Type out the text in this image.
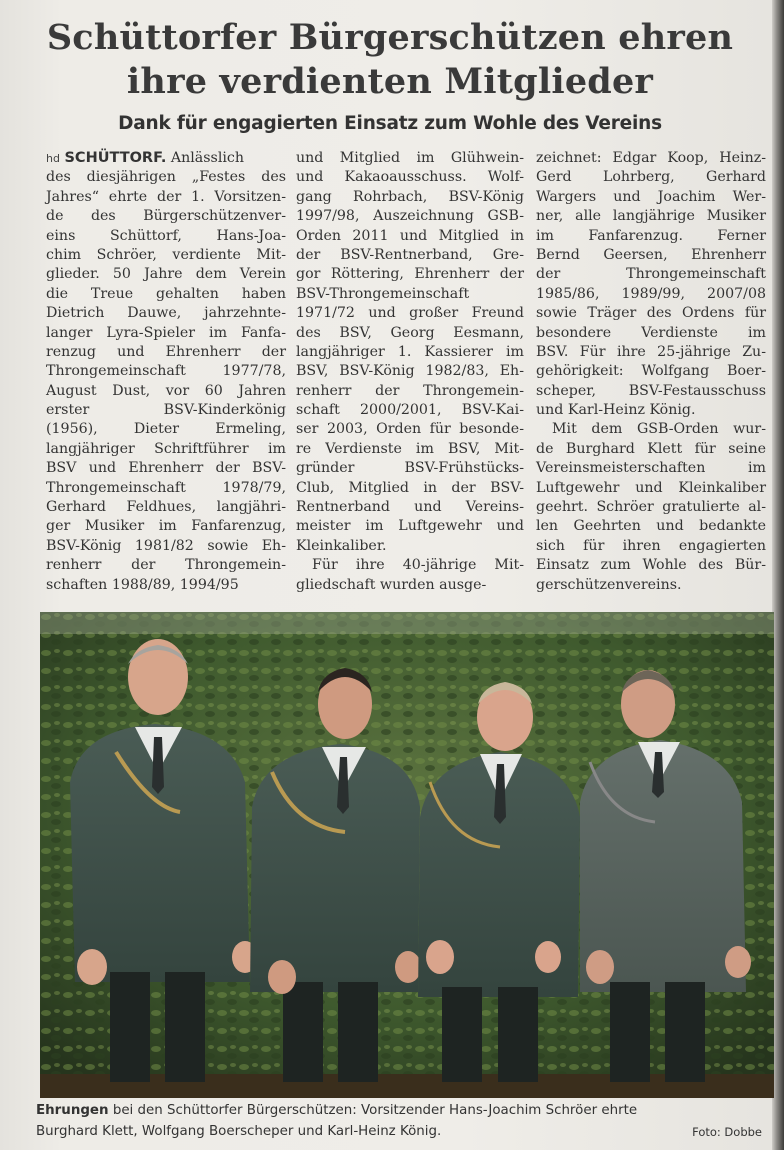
Schüttorfer Bürgerschützen ehren
ihre verdienten Mitglieder
Dank für engagierten Einsatz zum Wohle des Vereins
hd SCHÜTTORF. Anlässlich
des diesjährigen „Festes des
Jahres“ ehrte der 1. Vorsitzen-
de des Bürgerschützenver-
eins Schüttorf, Hans-Joa-
chim Schröer, verdiente Mit-
glieder. 50 Jahre dem Verein
die Treue gehalten haben
Dietrich Dauwe, jahrzehnte-
langer Lyra-Spieler im Fanfa-
renzug und Ehrenherr der
Throngemeinschaft 1977/78,
August Dust, vor 60 Jahren
erster BSV-Kinderkönig
(1956), Dieter Ermeling,
langjähriger Schriftführer im
BSV und Ehrenherr der BSV-
Throngemeinschaft 1978/79,
Gerhard Feldhues, langjähri-
ger Musiker im Fanfarenzug,
BSV-König 1981/82 sowie Eh-
renherr der Throngemein-
schaften 1988/89, 1994/95
und Mitglied im Glühwein-
und Kakaoausschuss. Wolf-
gang Rohrbach, BSV-König
1997/98, Auszeichnung GSB-
Orden 2011 und Mitglied in
der BSV-Rentnerband, Gre-
gor Röttering, Ehrenherr der
BSV-Throngemeinschaft
1971/72 und großer Freund
des BSV, Georg Eesmann,
langjähriger 1. Kassierer im
BSV, BSV-König 1982/83, Eh-
renherr der Throngemein-
schaft 2000/2001, BSV-Kai-
ser 2003, Orden für besonde-
re Verdienste im BSV, Mit-
gründer BSV-Frühstücks-
Club, Mitglied in der BSV-
Rentnerband und Vereins-
meister im Luftgewehr und
Kleinkaliber.
Für ihre 40-jährige Mit-
gliedschaft wurden ausge-
zeichnet: Edgar Koop, Heinz-
Gerd Lohrberg, Gerhard
Wargers und Joachim Wer-
ner, alle langjährige Musiker
im Fanfarenzug. Ferner
Bernd Geersen, Ehrenherr
der Throngemeinschaft
1985/86, 1989/99, 2007/08
sowie Träger des Ordens für
besondere Verdienste im
BSV. Für ihre 25-jährige Zu-
gehörigkeit: Wolfgang Boer-
scheper, BSV-Festausschuss
und Karl-Heinz König.
Mit dem GSB-Orden wur-
de Burghard Klett für seine
Vereinsmeisterschaften im
Luftgewehr und Kleinkaliber
geehrt. Schröer gratulierte al-
len Geehrten und bedankte
sich für ihren engagierten
Einsatz zum Wohle des Bür-
gerschützenvereins.
Ehrungen bei den Schüttorfer Bürgerschützen: Vorsitzender Hans-Joachim Schröer ehrte
Burghard Klett, Wolfgang Boerscheper und Karl-Heinz König.	Foto: Dobbe
